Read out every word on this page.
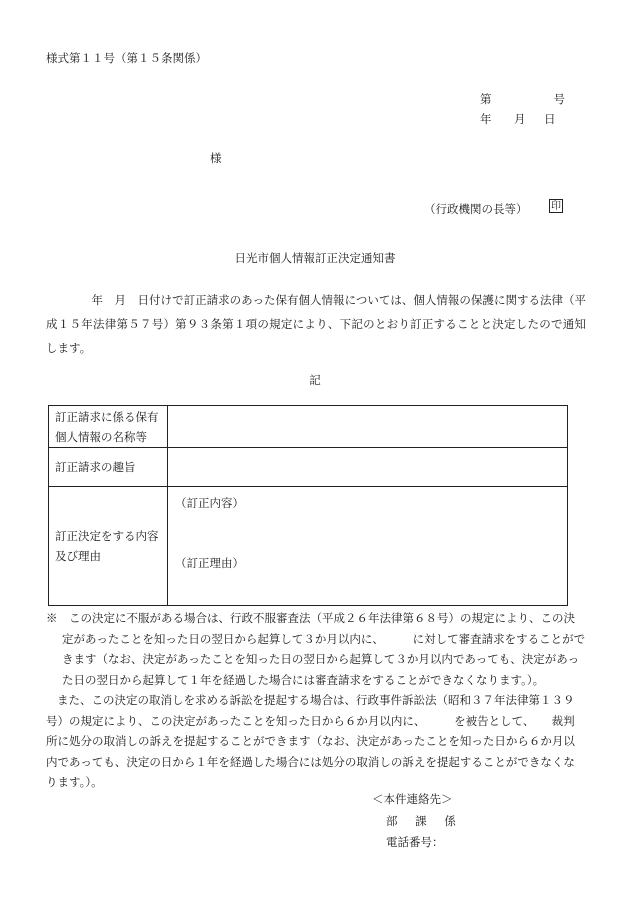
様式第１１号（第１５条関係）
第	号
年 月 日
様
（行政機関の長等） 印
日光市個人情報訂正決定通知書

　年　月　日付けで訂正請求のあった保有個人情報については、個人情報の保護に関する法律（平成１５年法律第５７号）第９３条第１項の規定により、下記のとおり訂正することと決定したので通知します。

記
訂正請求に係る保有個人情報の名称等	
訂正請求の趣旨	
訂正決定をする内容及び理由	（訂正内容）
（訂正理由）

※　この決定に不服がある場合は、行政不服審査法（平成２６年法律第６８号）の規定により、この決定があったことを知った日の翌日から起算して３か月以内に、　　　に対して審査請求をすることができます（なお、決定があったことを知った日の翌日から起算して３か月以内であっても、決定があった日の翌日から起算して１年を経過した場合には審査請求をすることができなくなります。）。

また、この決定の取消しを求める訴訟を提起する場合は、行政事件訴訟法（昭和３７年法律第１３９号）の規定により、この決定があったことを知った日から６か月以内に、　　　を被告として、　　裁判所に処分の取消しの訴えを提起することができます（なお、決定があったことを知った日から６か月以内であっても、決定の日から１年を経過した場合には処分の取消しの訴えを提起することができなくなります。）。

＜本件連絡先＞
部 課 係
電話番号：
